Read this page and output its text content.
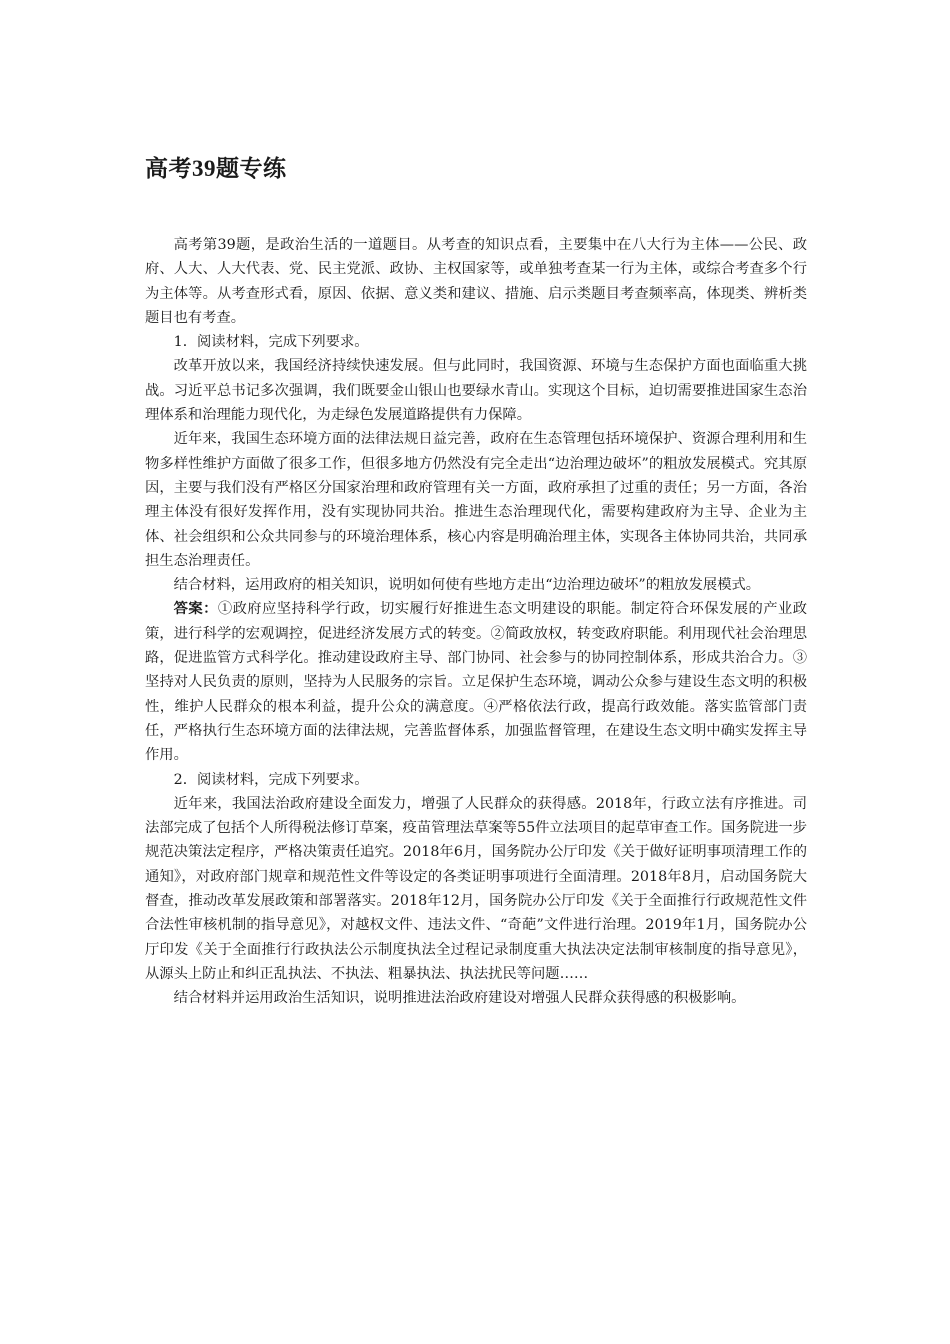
高考39题专练

高考第39题，是政治生活的一道题目。从考查的知识点看，主要集中在八大行为主体——公民、政府、人大、人大代表、党、民主党派、政协、主权国家等，或单独考查某一行为主体，或综合考查多个行为主体等。从考查形式看，原因、依据、意义类和建议、措施、启示类题目考查频率高，体现类、辨析类题目也有考查。

1．阅读材料，完成下列要求。

改革开放以来，我国经济持续快速发展。但与此同时，我国资源、环境与生态保护方面也面临重大挑战。习近平总书记多次强调，我们既要金山银山也要绿水青山。实现这个目标，迫切需要推进国家生态治理体系和治理能力现代化，为走绿色发展道路提供有力保障。

近年来，我国生态环境方面的法律法规日益完善，政府在生态管理包括环境保护、资源合理利用和生物多样性维护方面做了很多工作，但很多地方仍然没有完全走出“边治理边破坏”的粗放发展模式。究其原因，主要与我们没有严格区分国家治理和政府管理有关一方面，政府承担了过重的责任；另一方面，各治理主体没有很好发挥作用，没有实现协同共治。推进生态治理现代化，需要构建政府为主导、企业为主体、社会组织和公众共同参与的环境治理体系，核心内容是明确治理主体，实现各主体协同共治，共同承担生态治理责任。

结合材料，运用政府的相关知识，说明如何使有些地方走出“边治理边破坏”的粗放发展模式。

答案：①政府应坚持科学行政，切实履行好推进生态文明建设的职能。制定符合环保发展的产业政策，进行科学的宏观调控，促进经济发展方式的转变。②简政放权，转变政府职能。利用现代社会治理思路，促进监管方式科学化。推动建设政府主导、部门协同、社会参与的协同控制体系，形成共治合力。③坚持对人民负责的原则，坚持为人民服务的宗旨。立足保护生态环境，调动公众参与建设生态文明的积极性，维护人民群众的根本利益，提升公众的满意度。④严格依法行政，提高行政效能。落实监管部门责任，严格执行生态环境方面的法律法规，完善监督体系，加强监督管理，在建设生态文明中确实发挥主导作用。

2．阅读材料，完成下列要求。

近年来，我国法治政府建设全面发力，增强了人民群众的获得感。2018年，行政立法有序推进。司法部完成了包括个人所得税法修订草案，疫苗管理法草案等55件立法项目的起草审查工作。国务院进一步规范决策法定程序，严格决策责任追究。2018年6月，国务院办公厅印发《关于做好证明事项清理工作的通知》，对政府部门规章和规范性文件等设定的各类证明事项进行全面清理。2018年8月，启动国务院大督查，推动改革发展政策和部署落实。2018年12月，国务院办公厅印发《关于全面推行行政规范性文件合法性审核机制的指导意见》，对越权文件、违法文件、“奇葩”文件进行治理。2019年1月，国务院办公厅印发《关于全面推行行政执法公示制度执法全过程记录制度重大执法决定法制审核制度的指导意见》，从源头上防止和纠正乱执法、不执法、粗暴执法、执法扰民等问题……

结合材料并运用政治生活知识，说明推进法治政府建设对增强人民群众获得感的积极影响。
